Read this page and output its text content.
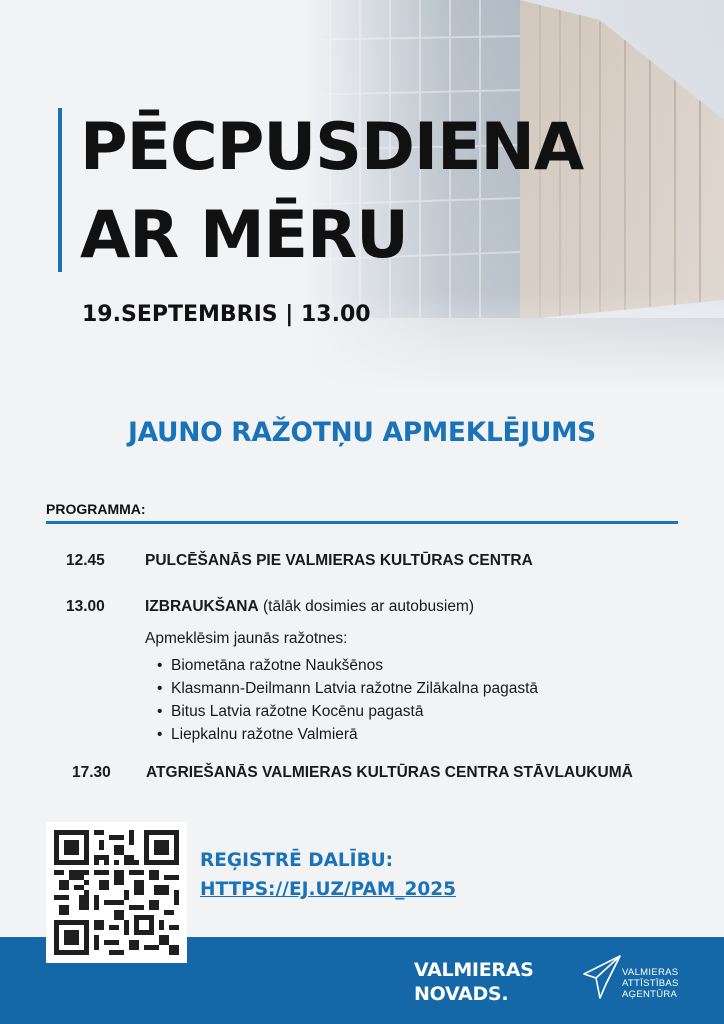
PĒCPUSDIENA
AR MĒRU
19.SEPTEMBRIS | 13.00
JAUNO RAŽOTŅU APMEKLĒJUMS
PROGRAMMA:
12.45	PULCĒŠANĀS PIE VALMIERAS KULTŪRAS CENTRA
13.00	IZBRAUKŠANA (tālāk dosimies ar autobusiem)
Apmeklēsim jaunās ražotnes:
• Biometāna ražotne Naukšēnos
• Klasmann-Deilmann Latvia ražotne Zilākalna pagastā
• Bitus Latvia ražotne Kocēnu pagastā
• Liepkalnu ražotne Valmierā
17.30 ATGRIEŠANĀS VALMIERAS KULTŪRAS CENTRA STĀVLAUKUMĀ
REĢISTRĒ DALĪBU:
HTTPS://EJ.UZ/PAM_2025
VALMIERAS
NOVADS.
VALMIERAS
ATTĪSTĪBAS
AĢENTŪRA
